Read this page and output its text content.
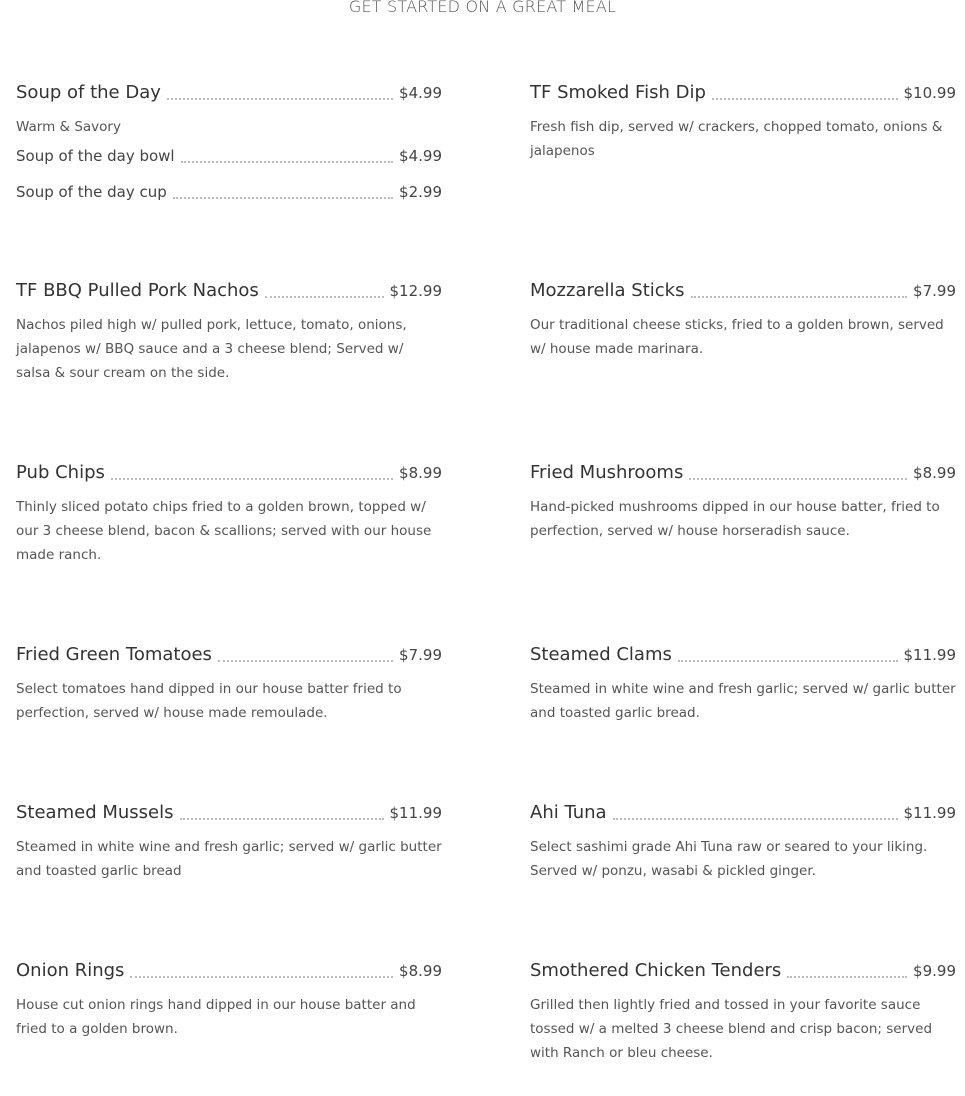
GET STARTED ON A GREAT MEAL
Soup of the Day	$4.99
Warm & Savory
Soup of the day bowl	$4.99
Soup of the day cup	$2.99
TF Smoked Fish Dip	$10.99
Fresh fish dip, served w/ crackers, chopped tomato, onions & jalapenos
TF BBQ Pulled Pork Nachos	$12.99
Nachos piled high w/ pulled pork, lettuce, tomato, onions, jalapenos w/ BBQ sauce and a 3 cheese blend; Served w/ salsa & sour cream on the side.
Mozzarella Sticks	$7.99
Our traditional cheese sticks, fried to a golden brown, served w/ house made marinara.
Pub Chips	$8.99
Thinly sliced potato chips fried to a golden brown, topped w/ our 3 cheese blend, bacon & scallions; served with our house made ranch.
Fried Mushrooms	$8.99
Hand-picked mushrooms dipped in our house batter, fried to perfection, served w/ house horseradish sauce.
Fried Green Tomatoes	$7.99
Select tomatoes hand dipped in our house batter fried to perfection, served w/ house made remoulade.
Steamed Clams	$11.99
Steamed in white wine and fresh garlic; served w/ garlic butter and toasted garlic bread.
Steamed Mussels	$11.99
Steamed in white wine and fresh garlic; served w/ garlic butter and toasted garlic bread
Ahi Tuna	$11.99
Select sashimi grade Ahi Tuna raw or seared to your liking. Served w/ ponzu, wasabi & pickled ginger.
Onion Rings	$8.99
House cut onion rings hand dipped in our house batter and fried to a golden brown.
Smothered Chicken Tenders	$9.99
Grilled then lightly fried and tossed in your favorite sauce tossed w/ a melted 3 cheese blend and crisp bacon; served with Ranch or bleu cheese.
